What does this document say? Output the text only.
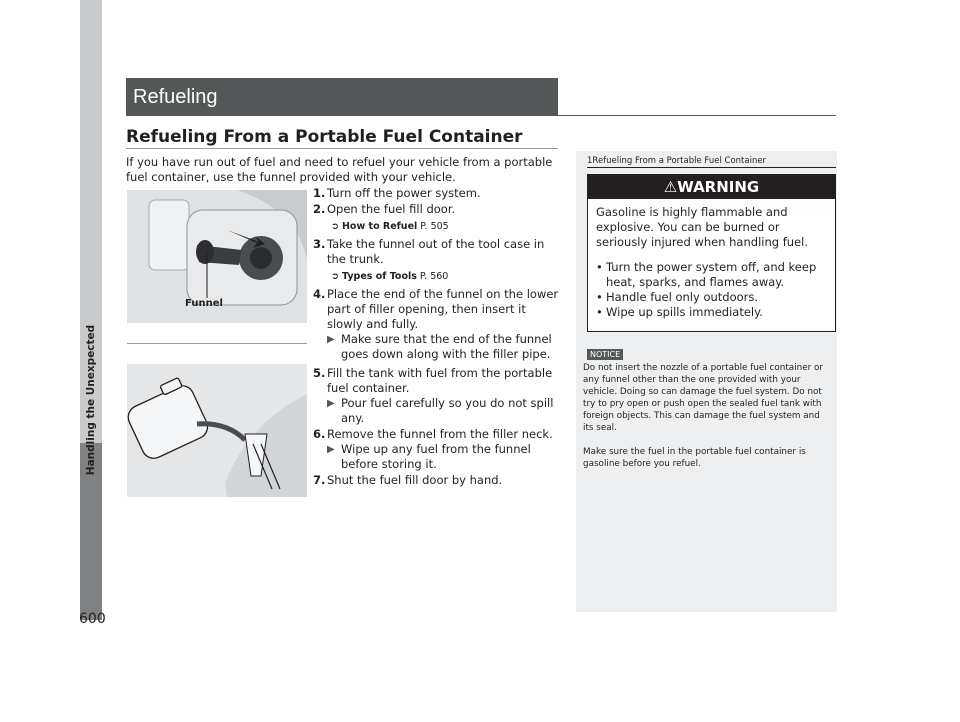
Handling the Unexpected
600
Refueling
Refueling From a Portable Fuel Container
If you have run out of fuel and need to refuel your vehicle from a portable fuel container, use the funnel provided with your vehicle.
Funnel
1. Turn off the power system.
2. Open the fuel fill door.
➲ How to Refuel P. 505
3. Take the funnel out of the tool case in the trunk.
➲ Types of Tools P. 560
4. Place the end of the funnel on the lower part of filler opening, then insert it slowly and fully.
▶ Make sure that the end of the funnel goes down along with the filler pipe.
5. Fill the tank with fuel from the portable fuel container.
▶ Pour fuel carefully so you do not spill any.
6. Remove the funnel from the filler neck.
▶ Wipe up any fuel from the funnel before storing it.
7. Shut the fuel fill door by hand.
1Refueling From a Portable Fuel Container
⚠WARNING
Gasoline is highly flammable and explosive. You can be burned or seriously injured when handling fuel.
• Turn the power system off, and keep heat, sparks, and flames away.
• Handle fuel only outdoors.
• Wipe up spills immediately.
NOTICE

Do not insert the nozzle of a portable fuel container or any funnel other than the one provided with your vehicle. Doing so can damage the fuel system. Do not try to pry open or push open the sealed fuel tank with foreign objects. This can damage the fuel system and its seal.

Make sure the fuel in the portable fuel container is gasoline before you refuel.
